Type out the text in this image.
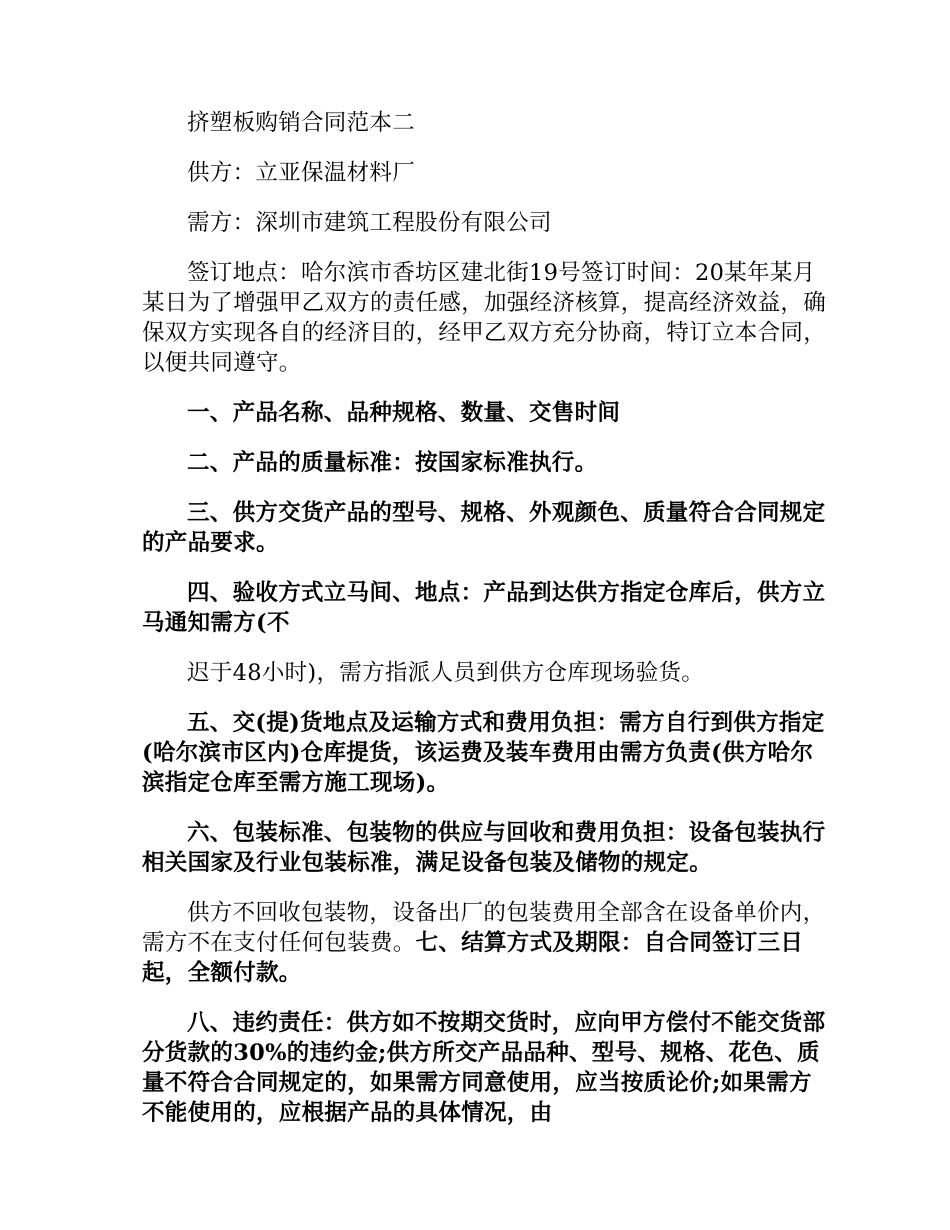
挤塑板购销合同范本二

供方：立亚保温材料厂

需方：深圳市建筑工程股份有限公司

签订地点：哈尔滨市香坊区建北街19号签订时间：20某年某月某日为了增强甲乙双方的责任感，加强经济核算，提高经济效益，确保双方实现各自的经济目的，经甲乙双方充分协商，特订立本合同，以便共同遵守。

一、产品名称、品种规格、数量、交售时间

二、产品的质量标准：按国家标准执行。

三、供方交货产品的型号、规格、外观颜色、质量符合合同规定的产品要求。

四、验收方式立马间、地点：产品到达供方指定仓库后，供方立马通知需方(不

迟于48小时)，需方指派人员到供方仓库现场验货。

五、交(提)货地点及运输方式和费用负担：需方自行到供方指定(哈尔滨市区内)仓库提货，该运费及装车费用由需方负责(供方哈尔滨指定仓库至需方施工现场)。

六、包装标准、包装物的供应与回收和费用负担：设备包装执行相关国家及行业包装标准，满足设备包装及储物的规定。

供方不回收包装物，设备出厂的包装费用全部含在设备单价内，需方不在支付任何包装费。七、结算方式及期限：自合同签订三日起，全额付款。

八、违约责任：供方如不按期交货时，应向甲方偿付不能交货部分货款的30%的违约金;供方所交产品品种、型号、规格、花色、质量不符合合同规定的，如果需方同意使用，应当按质论价;如果需方不能使用的，应根据产品的具体情况，由
